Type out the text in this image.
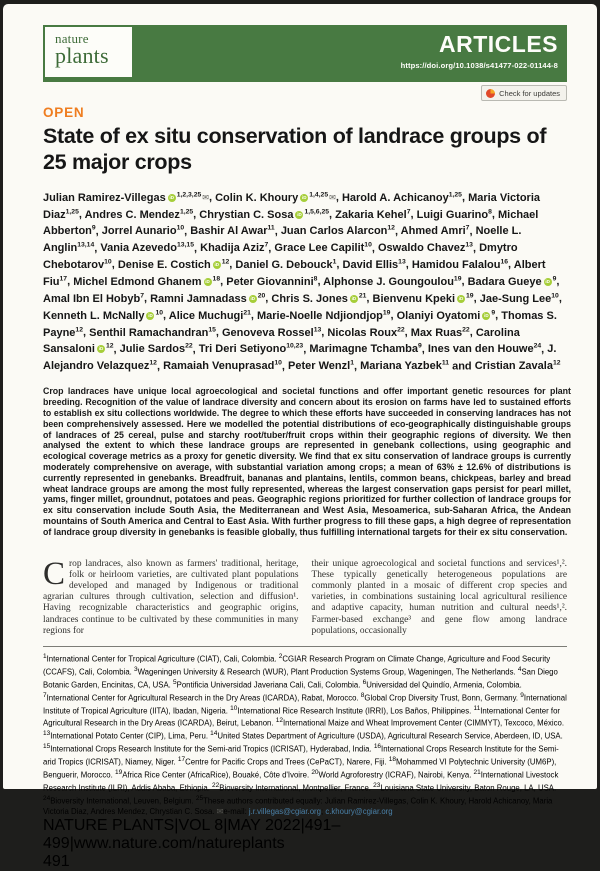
nature
plants	ARTICLES
https://doi.org/10.1038/s41477-022-01144-8
Check for updates
OPEN
State of ex situ conservation of landrace groups of 25 major crops
Julian Ramirez-Villegas iD $^{1,2,3,25}$✉, Colin K. Khoury iD $^{1,4,25}$✉, Harold A. Achicanoy$^{1,25}$, Maria Victoria Diaz$^{1,25}$, Andres C. Mendez$^{1,25}$, Chrystian C. Sosa iD $^{1,5,6,25}$, Zakaria Kehel$^7$, Luigi Guarino$^8$, Michael Abberton$^9$, Jorrel Aunario$^{10}$, Bashir Al Awar$^{11}$, Juan Carlos Alarcon$^{12}$, Ahmed Amri$^7$, Noelle L. Anglin$^{13,14}$, Vania Azevedo$^{13,15}$, Khadija Aziz$^7$, Grace Lee Capilit$^{10}$, Oswaldo Chavez$^{13}$, Dmytro Chebotarov$^{10}$, Denise E. Costich iD $^{12}$, Daniel G. Debouck$^1$, David Ellis$^{13}$, Hamidou Falalou$^{16}$, Albert Fiu$^{17}$, Michel Edmond Ghanem iD $^{18}$, Peter Giovannini$^8$, Alphonse J. Goungoulou$^{19}$, Badara Gueye iD $^9$, Amal Ibn El Hobyb$^7$, Ramni Jamnadass iD $^{20}$, Chris S. Jones iD $^{21}$, Bienvenu Kpeki iD $^{19}$, Jae-Sung Lee$^{10}$, Kenneth L. McNally iD $^{10}$, Alice Muchugi$^{21}$, Marie-Noelle Ndjiondjop$^{19}$, Olaniyi Oyatomi iD $^9$, Thomas S. Payne$^{12}$, Senthil Ramachandran$^{15}$, Genoveva Rossel$^{13}$, Nicolas Roux$^{22}$, Max Ruas$^{22}$, Carolina Sansaloni iD $^{12}$, Julie Sardos$^{22}$, Tri Deri Setiyono$^{10,23}$, Marimagne Tchamba$^9$, Ines van den Houwe$^{24}$, J. Alejandro Velazquez$^{12}$, Ramaiah Venuprasad$^{10}$, Peter Wenzl$^1$, Mariana Yazbek$^{11}$ and Cristian Zavala$^{12}$

Crop landraces have unique local agroecological and societal functions and offer important genetic resources for plant breeding. Recognition of the value of landrace diversity and concern about its erosion on farms have led to sustained efforts to establish ex situ collections worldwide. The degree to which these efforts have succeeded in conserving landraces has not been comprehensively assessed. Here we modelled the potential distributions of eco-geographically distinguishable groups of landraces of 25 cereal, pulse and starchy root/tuber/fruit crops within their geographic regions of diversity. We then analysed the extent to which these landrace groups are represented in genebank collections, using geographic and ecological coverage metrics as a proxy for genetic diversity. We find that ex situ conservation of landrace groups is currently moderately comprehensive on average, with substantial variation among crops; a mean of 63% ± 12.6% of distributions is currently represented in genebanks. Breadfruit, bananas and plantains, lentils, common beans, chickpeas, barley and bread wheat landrace groups are among the most fully represented, whereas the largest conservation gaps persist for pearl millet, yams, finger millet, groundnut, potatoes and peas. Geographic regions prioritized for further collection of landrace groups for ex situ conservation include South Asia, the Mediterranean and West Asia, Mesoamerica, sub-Saharan Africa, the Andean mountains of South America and Central to East Asia. With further progress to fill these gaps, a high degree of representation of landrace group diversity in genebanks is feasible globally, thus fulfilling international targets for their ex situ conservation.

Crop landraces, also known as farmers' traditional, heritage, folk or heirloom varieties, are cultivated plant populations developed and managed by Indigenous or traditional agrarian cultures through cultivation, selection and diffusion¹. Having recognizable characteristics and geographic origins, landraces continue to be cultivated by these communities in many regions for
their unique agroecological and societal functions and services¹,². These typically genetically heterogeneous populations are commonly planted in a mosaic of different crop species and varieties, in combinations sustaining local agricultural resilience and adaptive capacity, human nutrition and cultural needs¹,². Farmer-based exchange³ and gene flow among landrace populations, occasionally
$^1$International Center for Tropical Agriculture (CIAT), Cali, Colombia. $^2$CGIAR Research Program on Climate Change, Agriculture and Food Security (CCAFS), Cali, Colombia. $^3$Wageningen University & Research (WUR), Plant Production Systems Group, Wageningen, The Netherlands. $^4$San Diego Botanic Garden, Encinitas, CA, USA. $^5$Pontificia Universidad Javeriana Cali, Cali, Colombia. $^6$Universidad del Quindío, Armenia, Colombia. $^7$International Center for Agricultural Research in the Dry Areas (ICARDA), Rabat, Morocco. $^8$Global Crop Diversity Trust, Bonn, Germany. $^9$International Institute of Tropical Agriculture (IITA), Ibadan, Nigeria. $^{10}$International Rice Research Institute (IRRI), Los Baños, Philippines. $^{11}$International Center for Agricultural Research in the Dry Areas (ICARDA), Beirut, Lebanon. $^{12}$International Maize and Wheat Improvement Center (CIMMYT), Texcoco, México. $^{13}$International Potato Center (CIP), Lima, Peru. $^{14}$United States Department of Agriculture (USDA), Agricultural Research Service, Aberdeen, ID, USA. $^{15}$International Crops Research Institute for the Semi-arid Tropics (ICRISAT), Hyderabad, India. $^{16}$International Crops Research Institute for the Semi-arid Tropics (ICRISAT), Niamey, Niger. $^{17}$Centre for Pacific Crops and Trees (CePaCT), Narere, Fiji. $^{18}$Mohammed VI Polytechnic University (UM6P), Benguerir, Morocco. $^{19}$Africa Rice Center (AfricaRice), Bouaké, Côte d'Ivoire. $^{20}$World Agroforestry (ICRAF), Nairobi, Kenya. $^{21}$International Livestock Research Institute (ILRI), Addis Ababa, Ethiopia. $^{22}$Bioversity International, Montpellier, France. $^{23}$Louisiana State University, Baton Rouge, LA, USA. $^{24}$Bioversity International, Leuven, Belgium. $^{25}$These authors contributed equally: Julian Ramirez-Villegas, Colin K. Khoury, Harold Achicanoy, Maria Victoria Diaz, Andres Mendez, Chrystian C. Sosa. ✉e-mail: j.r.villegas@cgiar.org; c.khoury@cgiar.org
NATURE PLANTS|VOL 8|MAY 2022|491–499|www.nature.com/natureplants
491
